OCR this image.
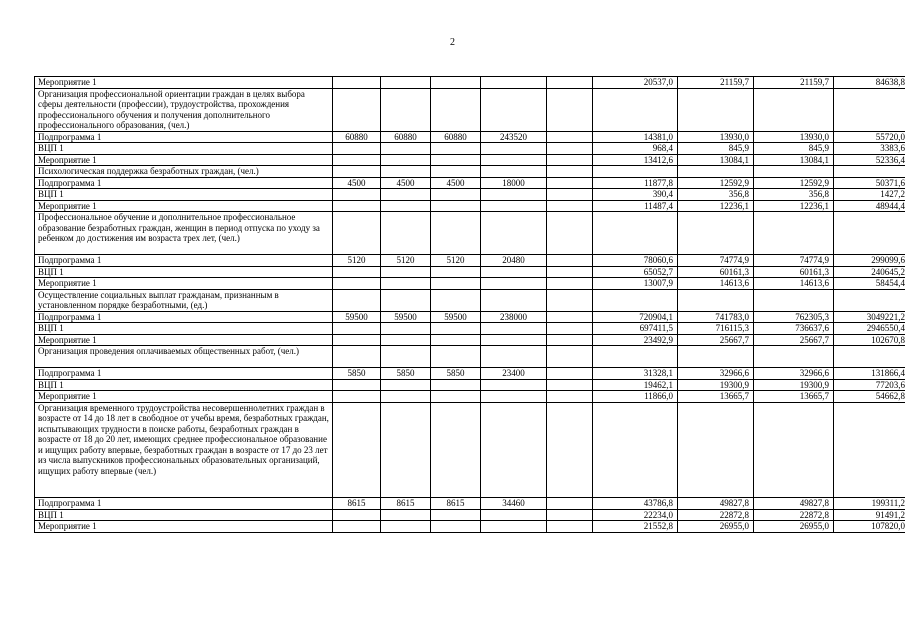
2
Мероприятие 1						20537,0	21159,7	21159,7	84638,8
Организация профессиональной ориентации граждан в целях выбора сферы деятельности (профессии), трудоустройства, прохождения профессионального обучения и получения дополнительного профессионального образования, (чел.)									
Подпрограмма 1	60880	60880	60880	243520		14381,0	13930,0	13930,0	55720,0
ВЦП 1						968,4	845,9	845,9	3383,6
Мероприятие 1						13412,6	13084,1	13084,1	52336,4
Психологическая поддержка безработных граждан, (чел.)									
Подпрограмма 1	4500	4500	4500	18000		11877,8	12592,9	12592,9	50371,6
ВЦП 1						390,4	356,8	356,8	1427,2
Мероприятие 1						11487,4	12236,1	12236,1	48944,4
Профессиональное обучение и дополнительное профессиональное образование безработных граждан, женщин в период отпуска по уходу за ребенком до достижения им возраста трех лет, (чел.)									
Подпрограмма 1	5120	5120	5120	20480		78060,6	74774,9	74774,9	299099,6
ВЦП 1						65052,7	60161,3	60161,3	240645,2
Мероприятие 1						13007,9	14613,6	14613,6	58454,4
Осуществление социальных выплат гражданам, признанным в установленном порядке безработными, (ед.)									
Подпрограмма 1	59500	59500	59500	238000		720904,1	741783,0	762305,3	3049221,2
ВЦП 1						697411,5	716115,3	736637,6	2946550,4
Мероприятие 1						23492,9	25667,7	25667,7	102670,8
Организация проведения оплачиваемых общественных работ, (чел.)									
Подпрограмма 1	5850	5850	5850	23400		31328,1	32966,6	32966,6	131866,4
ВЦП 1						19462,1	19300,9	19300,9	77203,6
Мероприятие 1						11866,0	13665,7	13665,7	54662,8
Организация временного трудоустройства несовершеннолетних граждан в возрасте от 14 до 18 лет в свободное от учебы время, безработных граждан, испытывающих трудности в поиске работы, безработных граждан в возрасте от 18 до 20 лет, имеющих среднее профессиональное образование и ищущих работу впервые, безработных граждан в возрасте от 17 до 23 лет из числа выпускников профессиональных образовательных организаций, ищущих работу впервые (чел.)									
Подпрограмма 1	8615	8615	8615	34460		43786,8	49827,8	49827,8	199311,2
ВЦП 1						22234,0	22872,8	22872,8	91491,2
Мероприятие 1						21552,8	26955,0	26955,0	107820,0
